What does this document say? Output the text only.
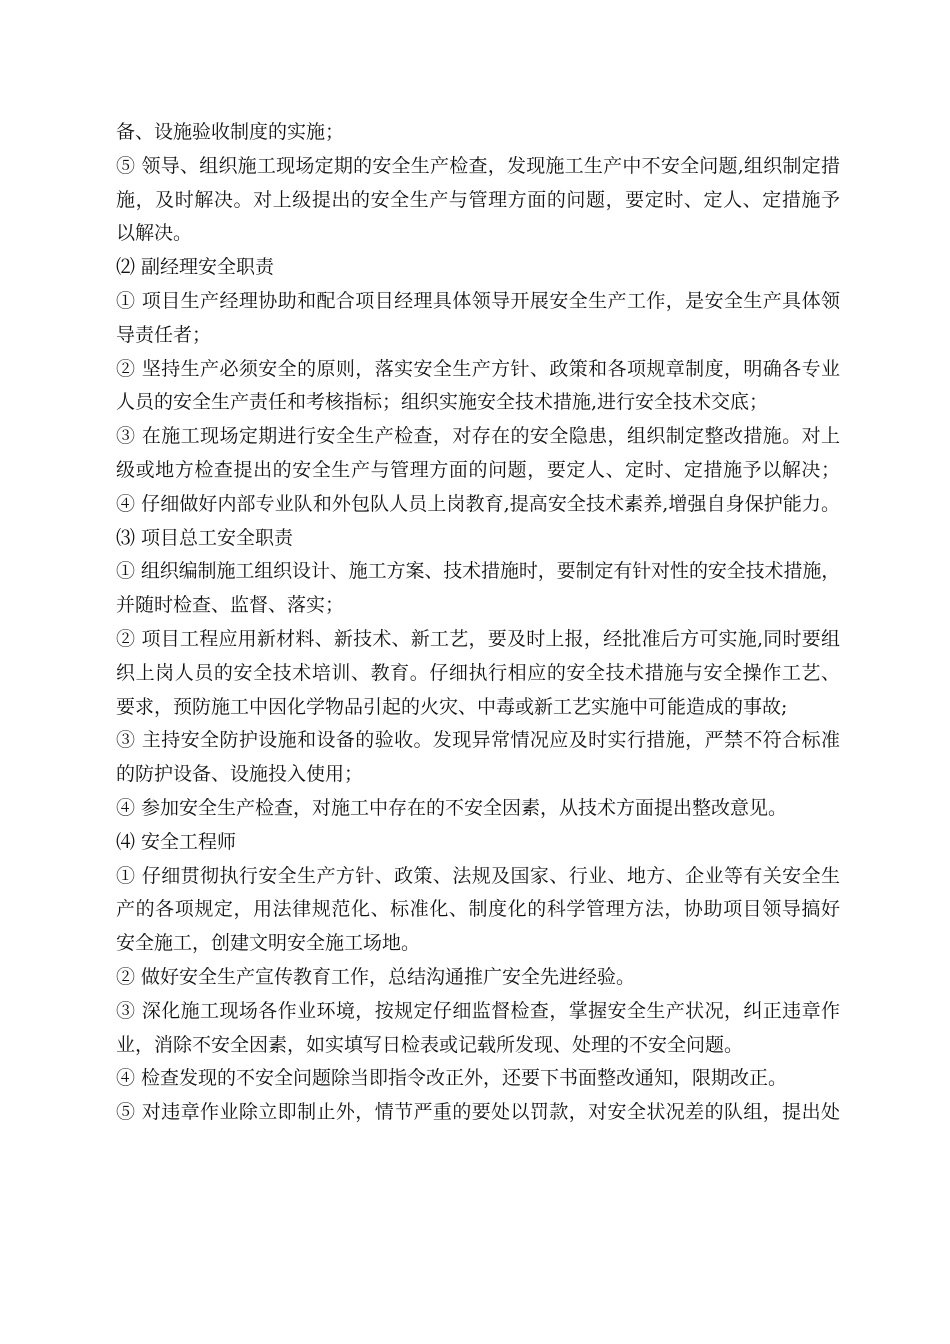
备、设施验收制度的实施；
⑤ 领导、组织施工现场定期的安全生产检查，发现施工生产中不安全问题,组织制定措
施，及时解决。对上级提出的安全生产与管理方面的问题，要定时、定人、定措施予
以解决。
⑵ 副经理安全职责
① 项目生产经理协助和配合项目经理具体领导开展安全生产工作，是安全生产具体领
导责任者；
② 坚持生产必须安全的原则，落实安全生产方针、政策和各项规章制度，明确各专业
人员的安全生产责任和考核指标；组织实施安全技术措施,进行安全技术交底；
③ 在施工现场定期进行安全生产检查，对存在的安全隐患，组织制定整改措施。对上
级或地方检查提出的安全生产与管理方面的问题，要定人、定时、定措施予以解决；
④ 仔细做好内部专业队和外包队人员上岗教育,提高安全技术素养,增强自身保护能力。
⑶ 项目总工安全职责
① 组织编制施工组织设计、施工方案、技术措施时，要制定有针对性的安全技术措施，
并随时检查、监督、落实；
② 项目工程应用新材料、新技术、新工艺，要及时上报，经批准后方可实施,同时要组
织上岗人员的安全技术培训、教育。仔细执行相应的安全技术措施与安全操作工艺、
要求，预防施工中因化学物品引起的火灾、中毒或新工艺实施中可能造成的事故;
③ 主持安全防护设施和设备的验收。发现异常情况应及时实行措施，严禁不符合标准
的防护设备、设施投入使用；
④ 参加安全生产检查，对施工中存在的不安全因素，从技术方面提出整改意见。
⑷ 安全工程师
① 仔细贯彻执行安全生产方针、政策、法规及国家、行业、地方、企业等有关安全生
产的各项规定，用法律规范化、标准化、制度化的科学管理方法，协助项目领导搞好
安全施工，创建文明安全施工场地。
② 做好安全生产宣传教育工作，总结沟通推广安全先进经验。
③ 深化施工现场各作业环境，按规定仔细监督检查，掌握安全生产状况，纠正违章作
业，消除不安全因素，如实填写日检表或记载所发现、处理的不安全问题。
④ 检查发现的不安全问题除当即指令改正外，还要下书面整改通知，限期改正。
⑤ 对违章作业除立即制止外，情节严重的要处以罚款，对安全状况差的队组，提出处
